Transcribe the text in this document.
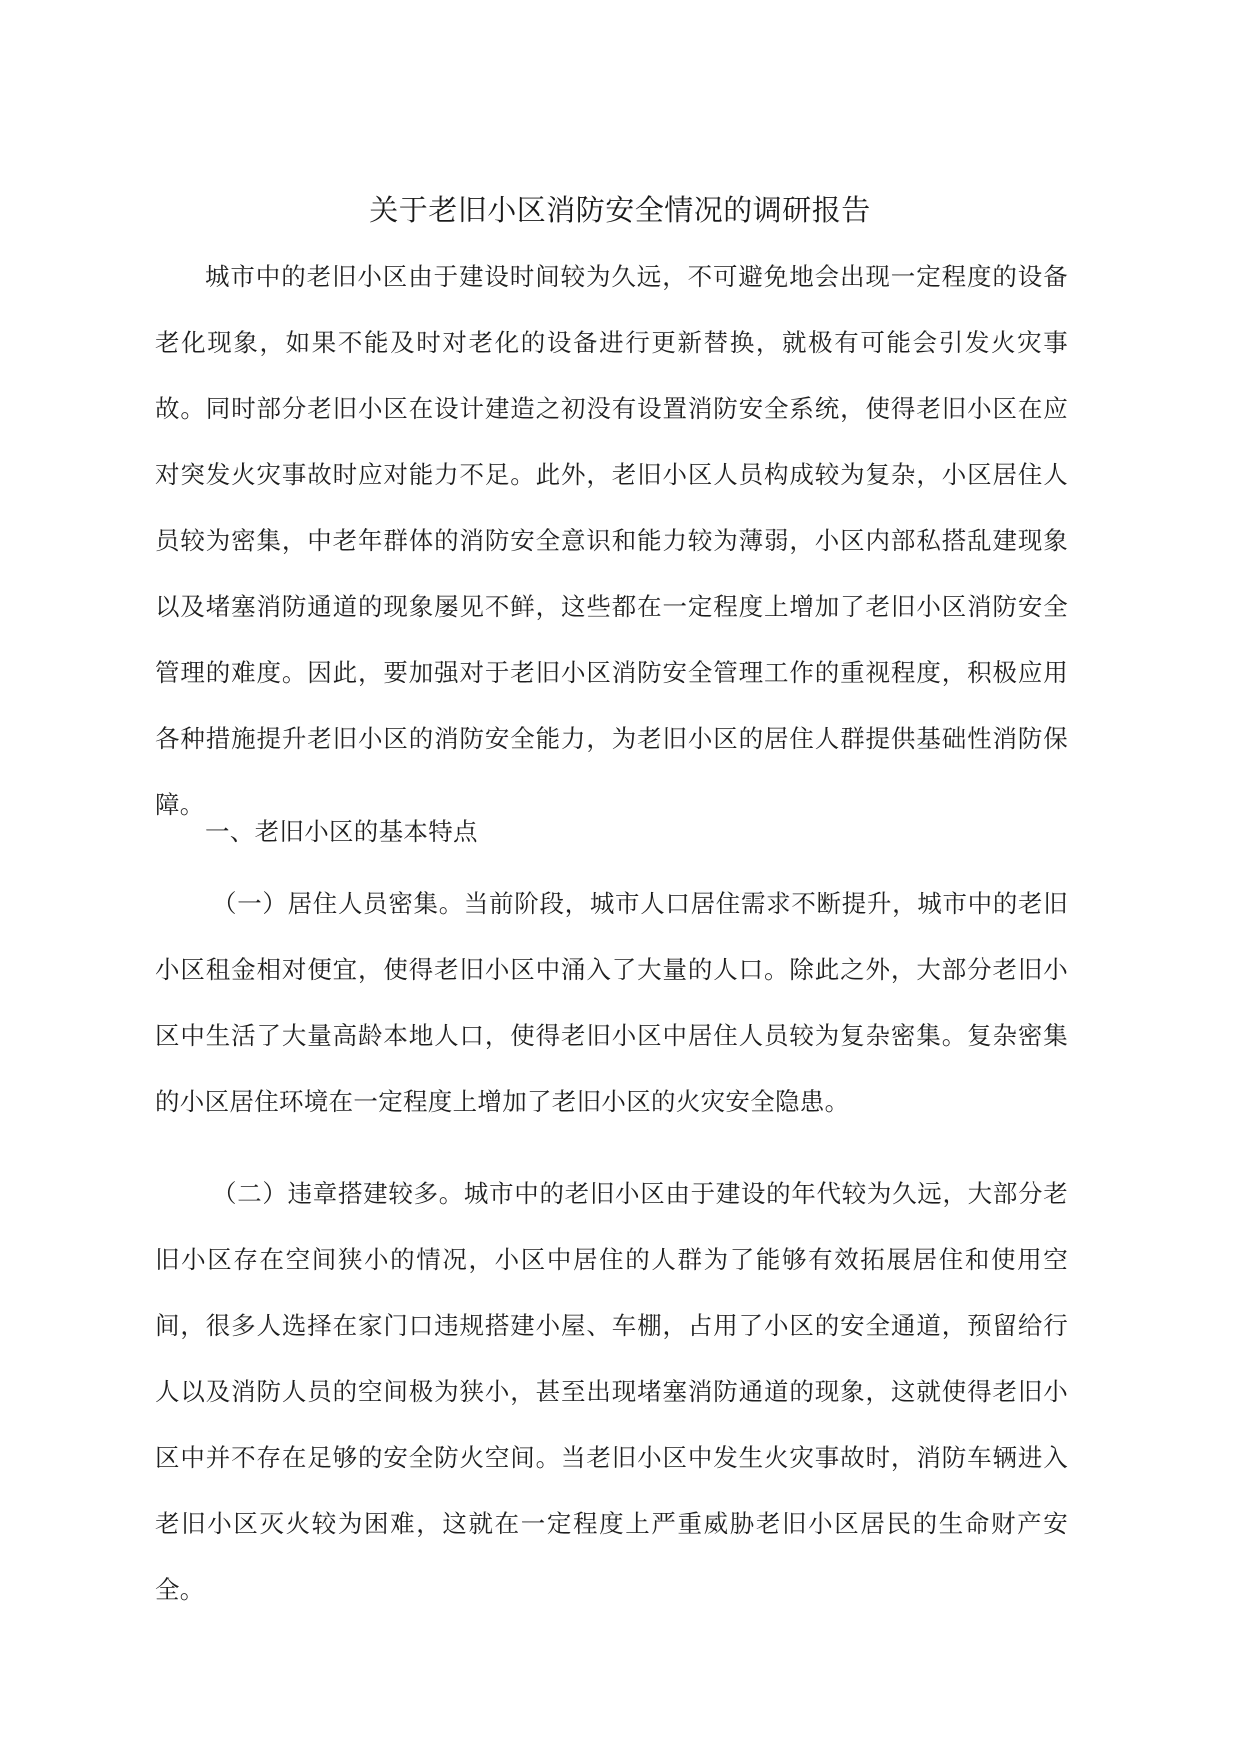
关于老旧小区消防安全情况的调研报告
城市中的老旧小区由于建设时间较为久远，不可避免地会出现一定程度的设备老化现象，如果不能及时对老化的设备进行更新替换，就极有可能会引发火灾事故。同时部分老旧小区在设计建造之初没有设置消防安全系统，使得老旧小区在应对突发火灾事故时应对能力不足。此外，老旧小区人员构成较为复杂，小区居住人员较为密集，中老年群体的消防安全意识和能力较为薄弱，小区内部私搭乱建现象以及堵塞消防通道的现象屡见不鲜，这些都在一定程度上增加了老旧小区消防安全管理的难度。因此，要加强对于老旧小区消防安全管理工作的重视程度，积极应用各种措施提升老旧小区的消防安全能力，为老旧小区的居住人群提供基础性消防保障。
一、老旧小区的基本特点
（一）居住人员密集。当前阶段，城市人口居住需求不断提升，城市中的老旧小区租金相对便宜，使得老旧小区中涌入了大量的人口。除此之外，大部分老旧小区中生活了大量高龄本地人口，使得老旧小区中居住人员较为复杂密集。复杂密集的小区居住环境在一定程度上增加了老旧小区的火灾安全隐患。
（二）违章搭建较多。城市中的老旧小区由于建设的年代较为久远，大部分老旧小区存在空间狭小的情况，小区中居住的人群为了能够有效拓展居住和使用空间，很多人选择在家门口违规搭建小屋、车棚，占用了小区的安全通道，预留给行人以及消防人员的空间极为狭小，甚至出现堵塞消防通道的现象，这就使得老旧小区中并不存在足够的安全防火空间。当老旧小区中发生火灾事故时，消防车辆进入老旧小区灭火较为困难，这就在一定程度上严重威胁老旧小区居民的生命财产安全。
